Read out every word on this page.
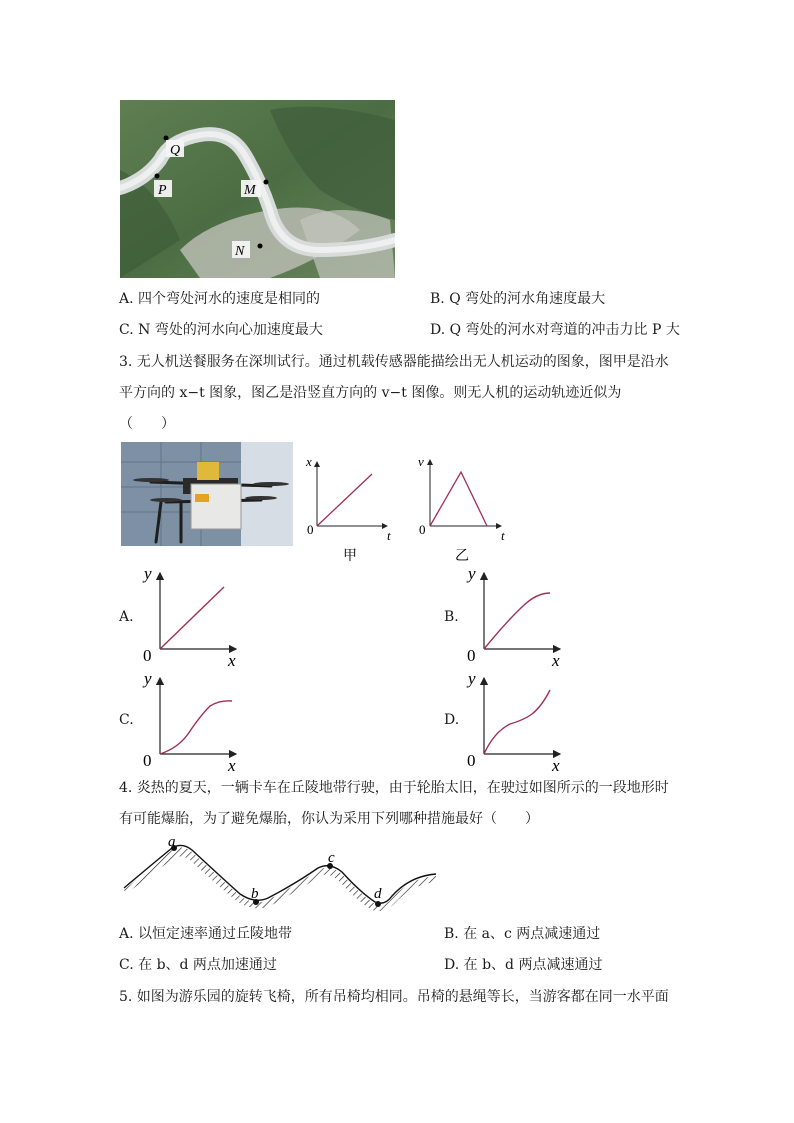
Q
P	M
N
A. 四个弯处河水的速度是相同的	B. Q 弯处的河水角速度最大
C. N 弯处的河水向心加速度最大	D. Q 弯处的河水对弯道的冲击力比 P 大
3. 无人机送餐服务在深圳试行。通过机载传感器能描绘出无人机运动的图象，图甲是沿水
平方向的 x−t 图象，图乙是沿竖直方向的 v−t 图像。则无人机的运动轨迹近似为
（　　）
x
t
0
甲
v
t
0
乙
A.
y
x
0
B.
y
x
0
C.
y
x
0
D.
y
x
0
4. 炎热的夏天，一辆卡车在丘陵地带行驶，由于轮胎太旧，在驶过如图所示的一段地形时
有可能爆胎，为了避免爆胎，你认为采用下列哪种措施最好（　　）
a
b
c
d
A. 以恒定速率通过丘陵地带	B. 在 a、c 两点减速通过
C. 在 b、d 两点加速通过	D. 在 b、d 两点减速通过
5. 如图为游乐园的旋转飞椅，所有吊椅均相同。吊椅的悬绳等长，当游客都在同一水平面
